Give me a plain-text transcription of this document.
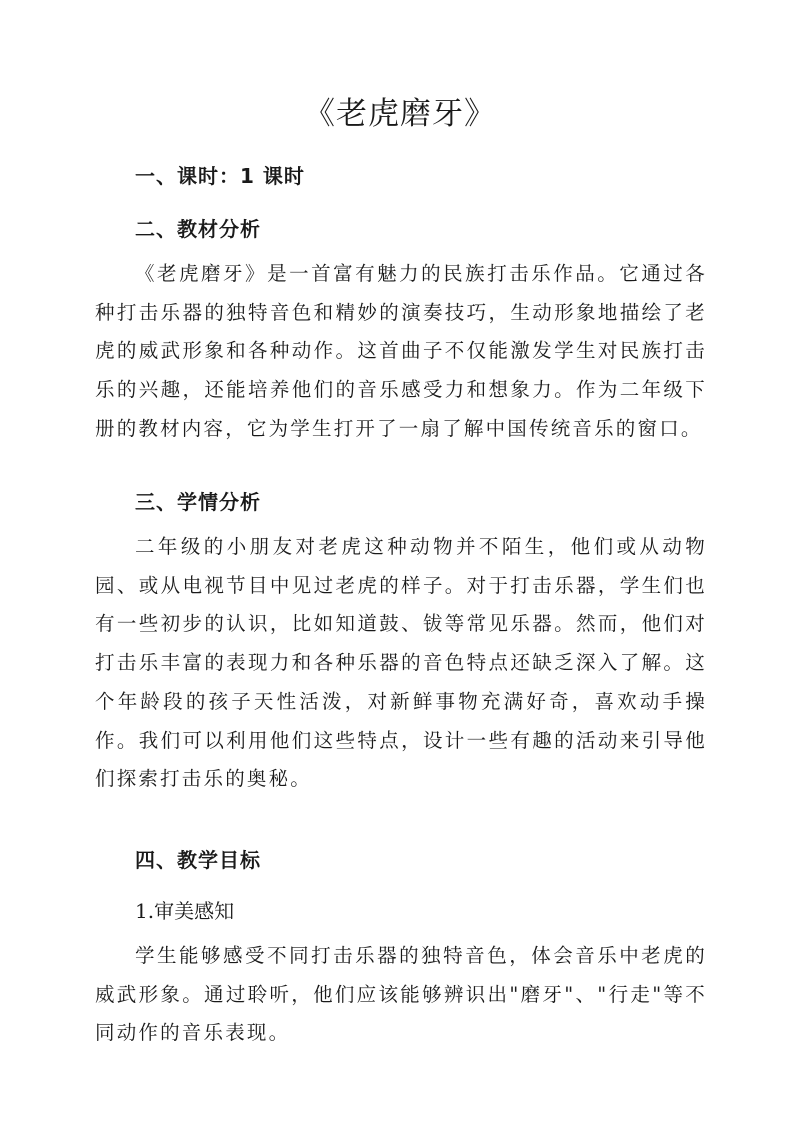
《老虎磨牙》
一、课时：1 课时
二、教材分析

《老虎磨牙》是一首富有魅力的民族打击乐作品。它通过各种打击乐器的独特音色和精妙的演奏技巧，生动形象地描绘了老虎的威武形象和各种动作。这首曲子不仅能激发学生对民族打击乐的兴趣，还能培养他们的音乐感受力和想象力。作为二年级下册的教材内容，它为学生打开了一扇了解中国传统音乐的窗口。

三、学情分析

二年级的小朋友对老虎这种动物并不陌生，他们或从动物园、或从电视节目中见过老虎的样子。对于打击乐器，学生们也有一些初步的认识，比如知道鼓、钹等常见乐器。然而，他们对打击乐丰富的表现力和各种乐器的音色特点还缺乏深入了解。这个年龄段的孩子天性活泼，对新鲜事物充满好奇，喜欢动手操作。我们可以利用他们这些特点，设计一些有趣的活动来引导他们探索打击乐的奥秘。

四、教学目标
1.审美感知

学生能够感受不同打击乐器的独特音色，体会音乐中老虎的威武形象。通过聆听，他们应该能够辨识出"磨牙"、"行走"等不同动作的音乐表现。
